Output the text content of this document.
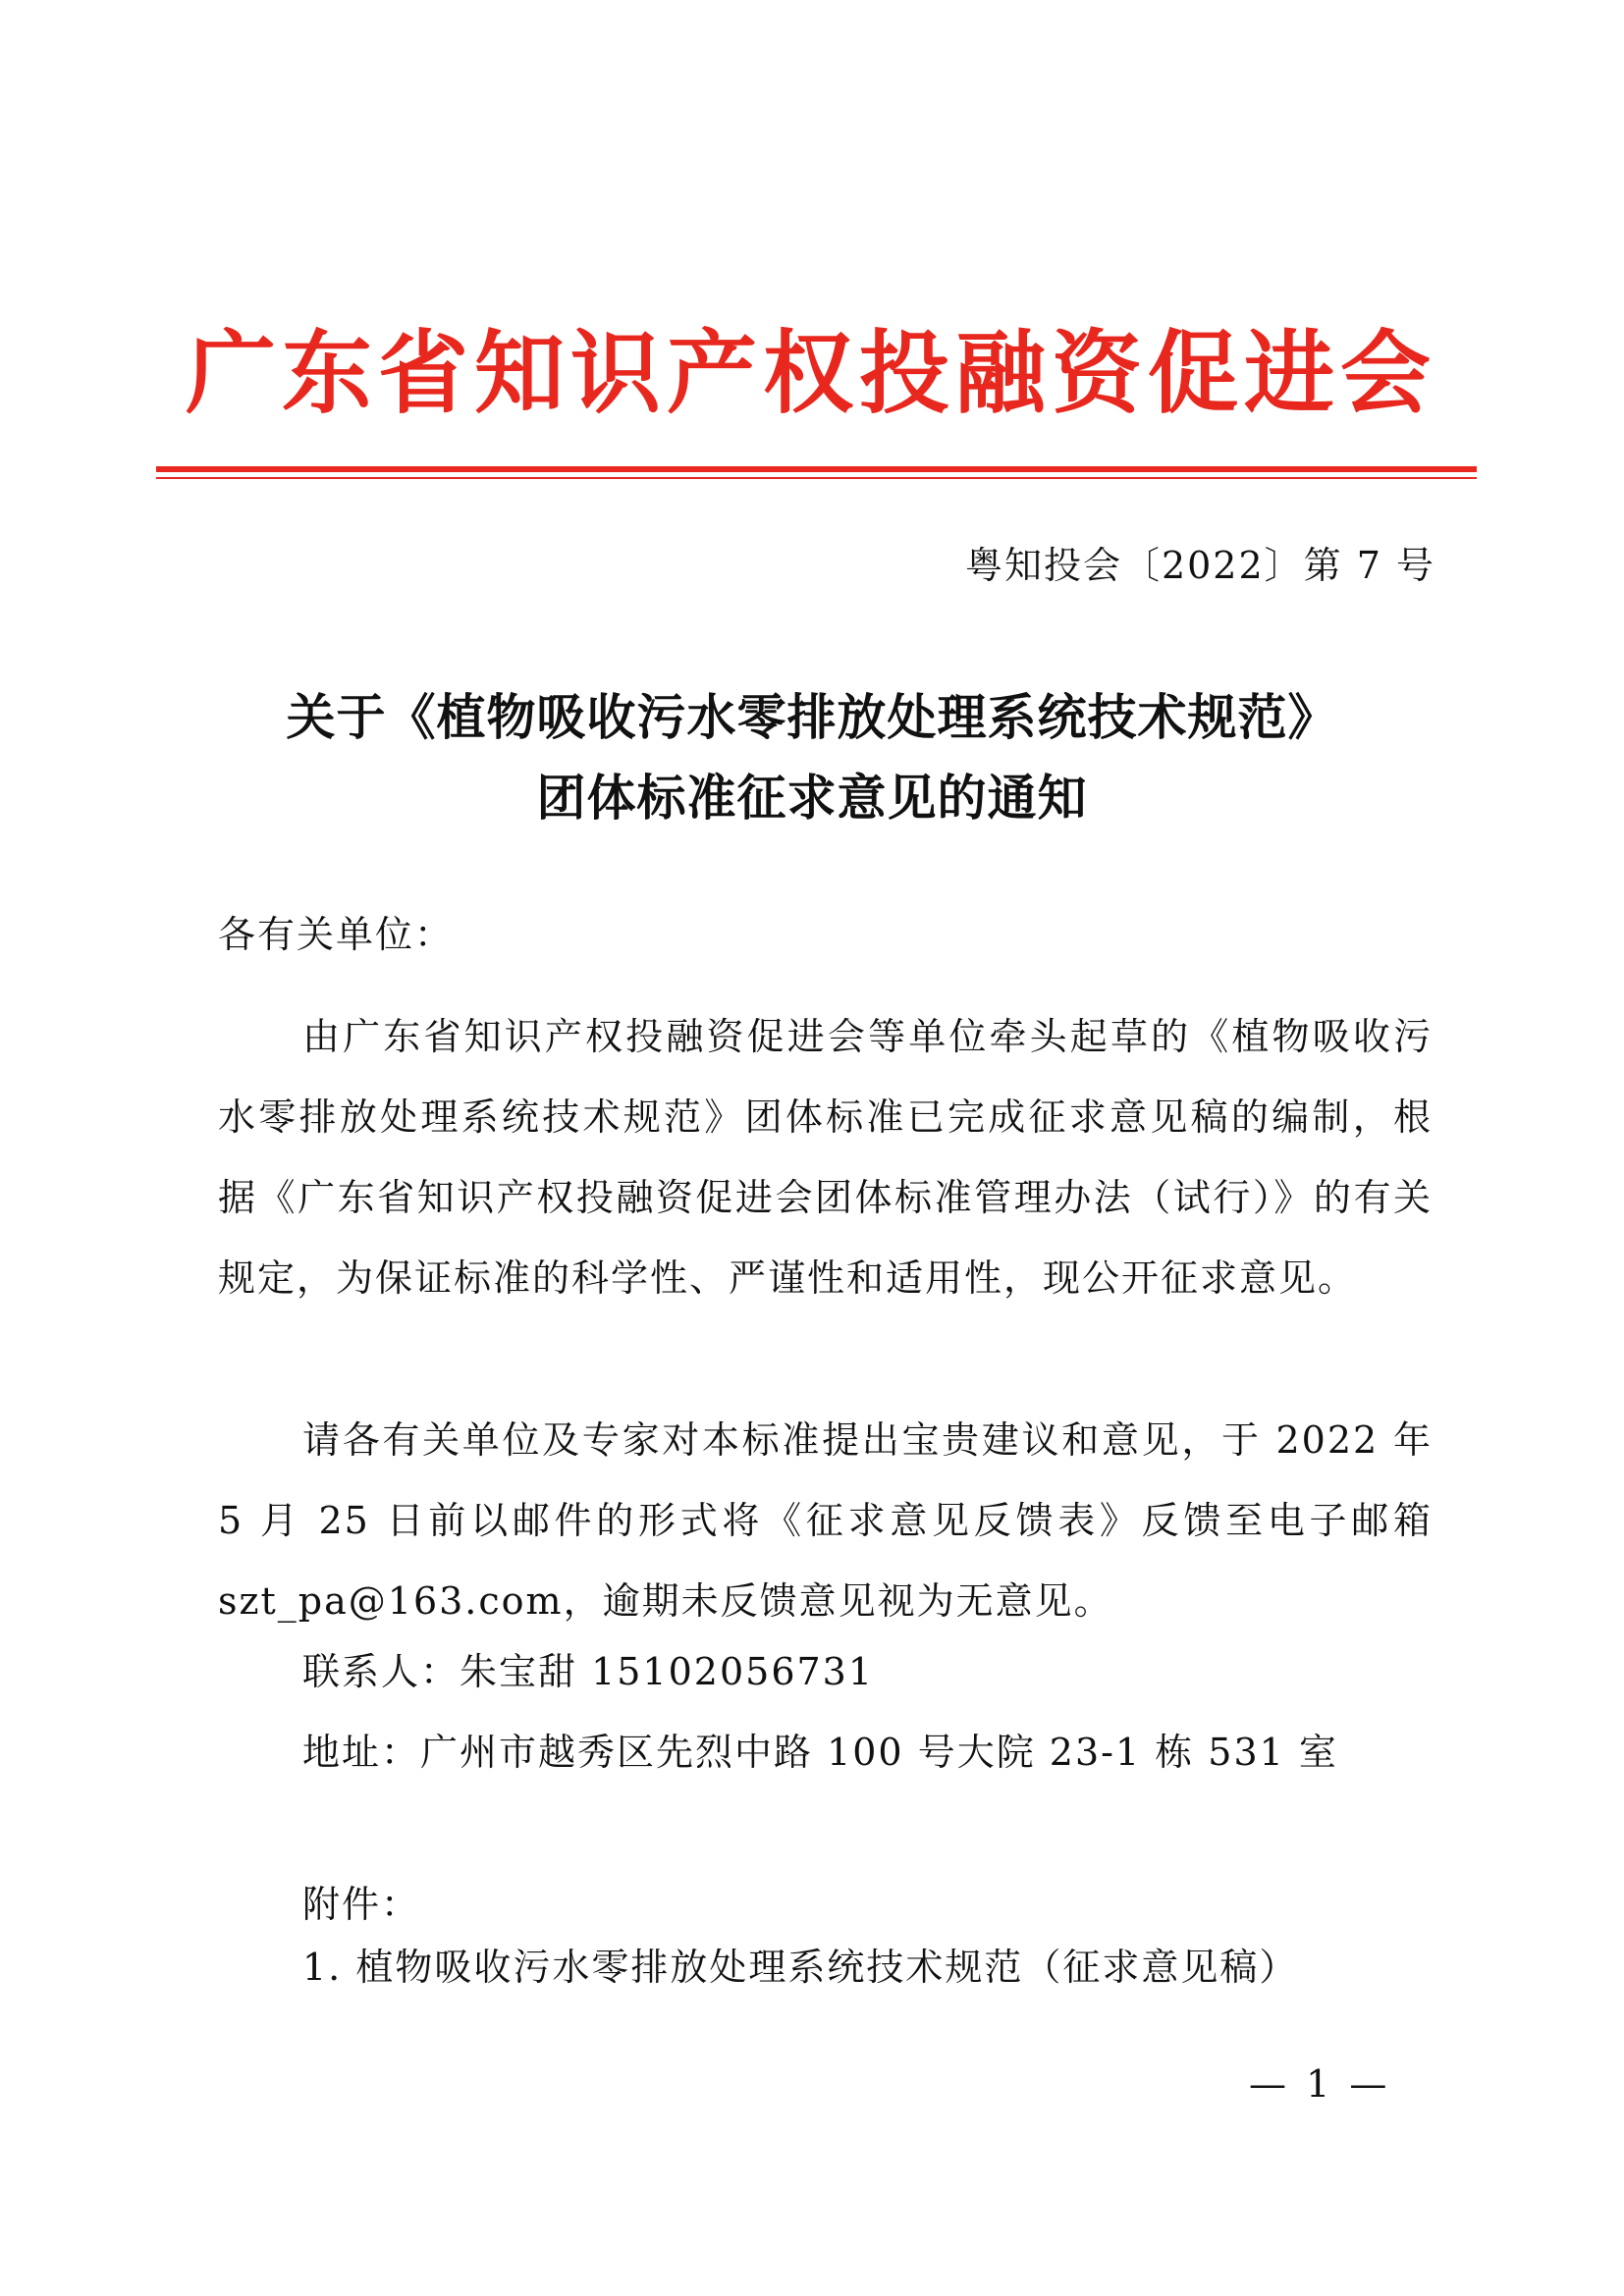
广东省知识产权投融资促进会
粤知投会〔2022〕第 7 号
关于《植物吸收污水零排放处理系统技术规范》
团体标准征求意见的通知
各有关单位：
由广东省知识产权投融资促进会等单位牵头起草的《植物吸收污水零排放处理系统技术规范》团体标准已完成征求意见稿的编制，根据《广东省知识产权投融资促进会团体标准管理办法（试行）》的有关规定，为保证标准的科学性、严谨性和适用性，现公开征求意见。
请各有关单位及专家对本标准提出宝贵建议和意见，于 2022 年 5 月 25 日前以邮件的形式将《征求意见反馈表》反馈至电子邮箱 szt_pa@163.com，逾期未反馈意见视为无意见。
联系人：朱宝甜 15102056731
地址：广州市越秀区先烈中路 100 号大院 23-1 栋 531 室
附件：
1. 植物吸收污水零排放处理系统技术规范（征求意见稿）
— 1 —
